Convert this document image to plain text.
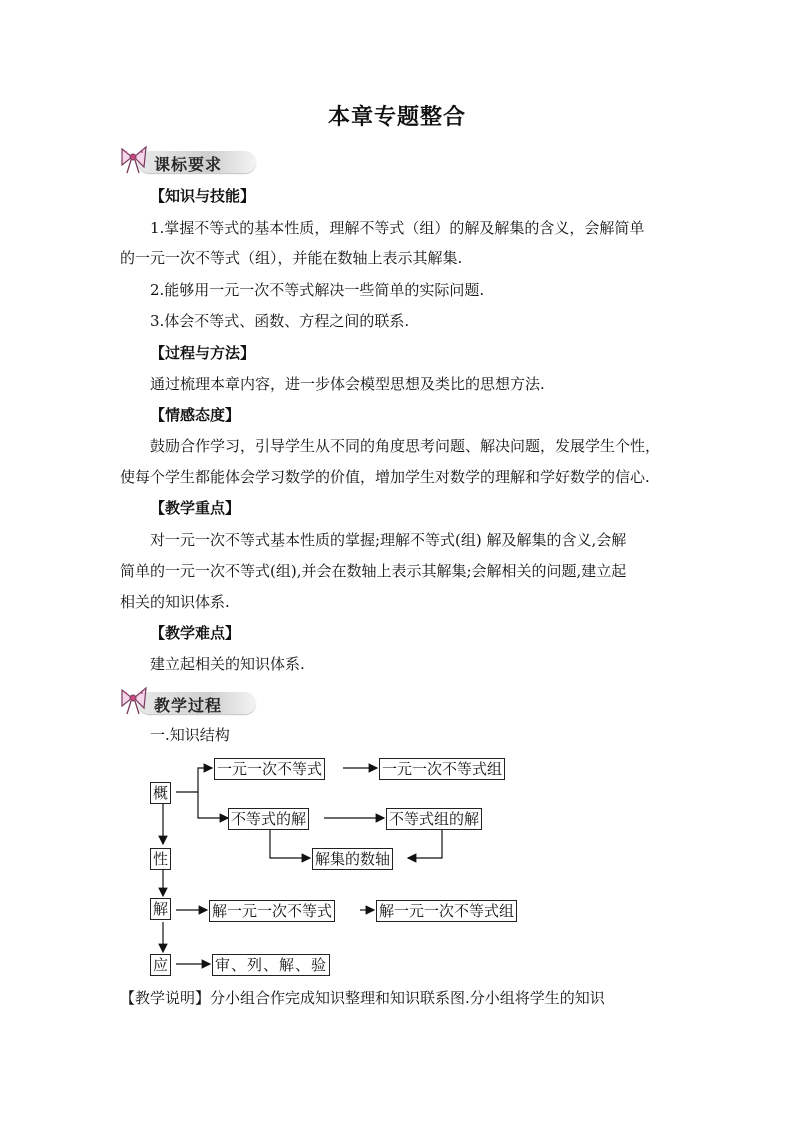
本章专题整合
课标要求
【知识与技能】
1.掌握不等式的基本性质，理解不等式（组）的解及解集的含义，会解简单
的一元一次不等式（组），并能在数轴上表示其解集.
2.能够用一元一次不等式解决一些简单的实际问题.
3.体会不等式、函数、方程之间的联系.
【过程与方法】
通过梳理本章内容，进一步体会模型思想及类比的思想方法.
【情感态度】
鼓励合作学习，引导学生从不同的角度思考问题、解决问题，发展学生个性，
使每个学生都能体会学习数学的价值，增加学生对数学的理解和学好数学的信心.
【教学重点】
对一元一次不等式基本性质的掌握;理解不等式(组) 解及解集的含义,会解
简单的一元一次不等式(组),并会在数轴上表示其解集;会解相关的问题,建立起
相关的知识体系.
【教学难点】
建立起相关的知识体系.
教学过程
一.知识结构
概
性
解
应
一元一次不等式	一元一次不等式组
不等式的解	不等式组的解
解集的数轴
解一元一次不等式	解一元一次不等式组
审、列、解、验
【教学说明】分小组合作完成知识整理和知识联系图.分小组将学生的知识
